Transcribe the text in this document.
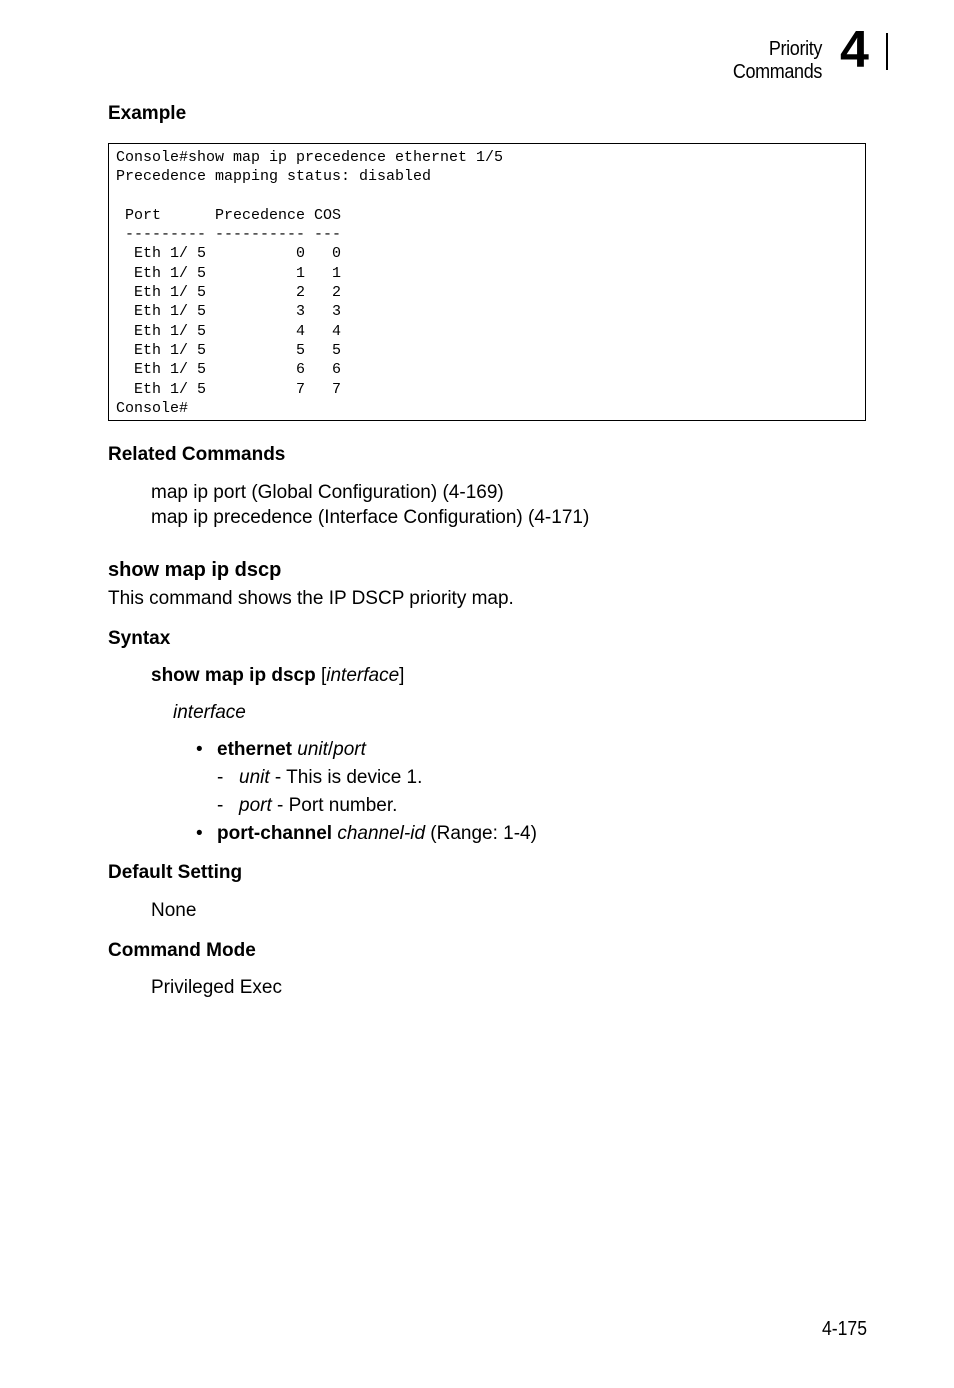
Priority Commands 4
Example
Console#show map ip precedence ethernet 1/5
Precedence mapping status: disabled

Port      Precedence COS
--------- ---------- ---
Eth 1/ 5          0   0
Eth 1/ 5          1   1
Eth 1/ 5          2   2
Eth 1/ 5          3   3
Eth 1/ 5          4   4
Eth 1/ 5          5   5
Eth 1/ 5          6   6
Eth 1/ 5          7   7
Console#
Related Commands
map ip port (Global Configuration) (4-169)
map ip precedence (Interface Configuration) (4-171)
show map ip dscp
This command shows the IP DSCP priority map.
Syntax
show map ip dscp [interface]
interface
• ethernet unit/port
- unit - This is device 1.
- port - Port number.
• port-channel channel-id (Range: 1-4)
Default Setting
None
Command Mode
Privileged Exec
4-175
